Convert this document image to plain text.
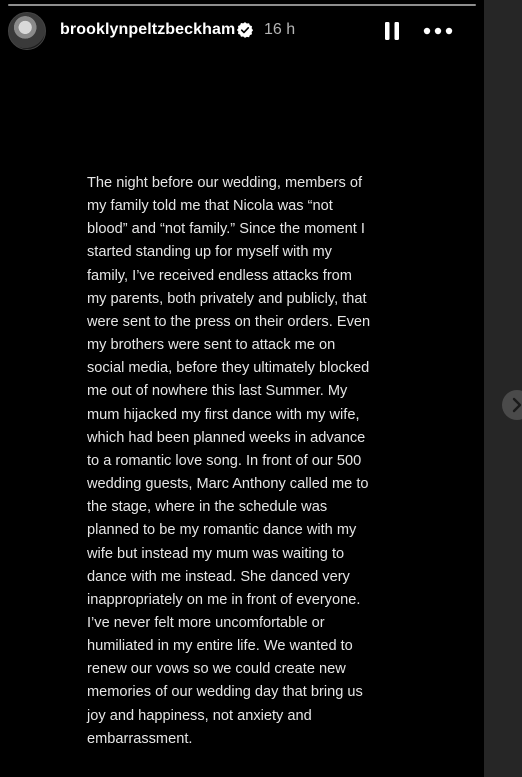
brooklynpeltzbeckham 16 h

The night before our wedding, members of
my family told me that Nicola was “not
blood” and “not family.” Since the moment I
started standing up for myself with my
family, I’ve received endless attacks from
my parents, both privately and publicly, that
were sent to the press on their orders. Even
my brothers were sent to attack me on
social media, before they ultimately blocked
me out of nowhere this last Summer. My
mum hijacked my first dance with my wife,
which had been planned weeks in advance
to a romantic love song. In front of our 500
wedding guests, Marc Anthony called me to
the stage, where in the schedule was
planned to be my romantic dance with my
wife but instead my mum was waiting to
dance with me instead. She danced very
inappropriately on me in front of everyone.
I’ve never felt more uncomfortable or
humiliated in my entire life. We wanted to
renew our vows so we could create new
memories of our wedding day that bring us
joy and happiness, not anxiety and
embarrassment.
